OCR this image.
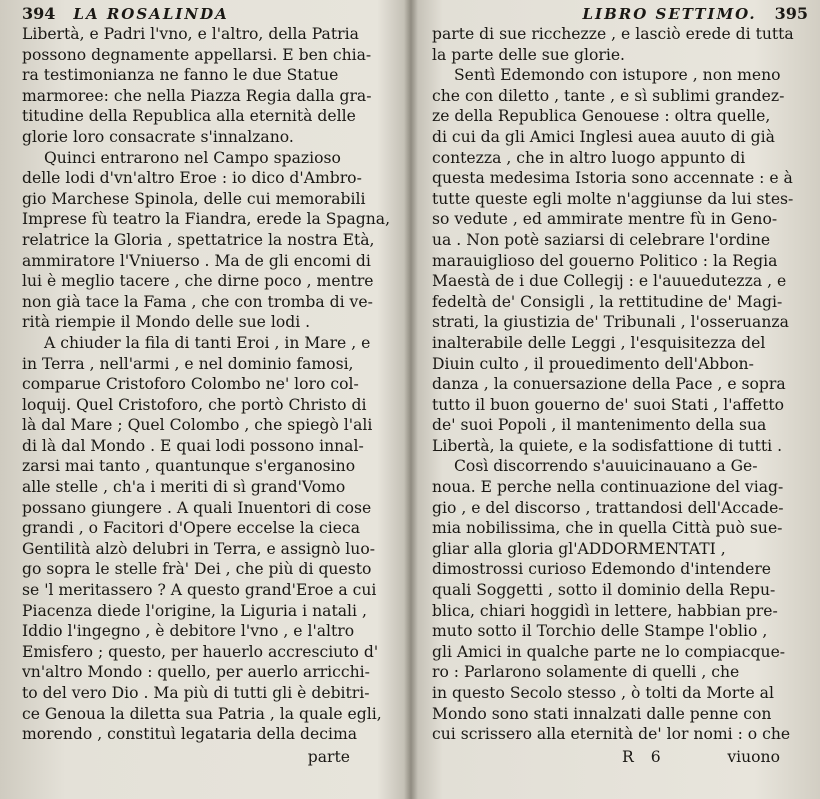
394 LA ROSALINDA
Libertà, e Padri l'vno, e l'altro, della Patria
possono degnamente appellarsi. E ben chia-
ra testimonianza ne fanno le due Statue
marmoree: che nella Piazza Regia dalla gra-
titudine della Republica alla eternità delle
glorie loro consacrate s'innalzano.
Quinci entrarono nel Campo spazioso
delle lodi d'vn'altro Eroe : io dico d'Ambro-
gio Marchese Spinola, delle cui memorabili
Imprese fù teatro la Fiandra, erede la Spagna,
relatrice la Gloria , spettatrice la nostra Età,
ammiratore l'Vniuerso . Ma de gli encomi di
lui è meglio tacere , che dirne poco , mentre
non già tace la Fama , che con tromba di ve-
rità riempie il Mondo delle sue lodi .
A chiuder la fila di tanti Eroi , in Mare , e
in Terra , nell'armi , e nel dominio famosi,
comparue Cristoforo Colombo ne' loro col-
loquij. Quel Cristoforo, che portò Christo di
là dal Mare ; Quel Colombo , che spiegò l'ali
di là dal Mondo . E quai lodi possono innal-
zarsi mai tanto , quantunque s'erganosino
alle stelle , ch'a i meriti di sì grand'Vomo
possano giungere . A quali Inuentori di cose
grandi , o Facitori d'Opere eccelse la cieca
Gentilità alzò delubri in Terra, e assignò luo-
go sopra le stelle frà' Dei , che più di questo
se 'l meritassero ? A questo grand'Eroe a cui
Piacenza diede l'origine, la Liguria i natali ,
Iddio l'ingegno , è debitore l'vno , e l'altro
Emisfero ; questo, per hauerlo accresciuto d'
vn'altro Mondo : quello, per auerlo arricchi-
to del vero Dio . Ma più di tutti gli è debitri-
ce Genoua la diletta sua Patria , la quale egli,
morendo , constituì legataria della decima
parte
LIBRO SETTIMO. 395
parte di sue ricchezze , e lasciò erede di tutta
la parte delle sue glorie.
Sentì Edemondo con istupore , non meno
che con diletto , tante , e sì sublimi grandez-
ze della Republica Genouese : oltra quelle,
di cui da gli Amici Inglesi auea auuto di già
contezza , che in altro luogo appunto di
questa medesima Istoria sono accennate : e à
tutte queste egli molte n'aggiunse da lui stes-
so vedute , ed ammirate mentre fù in Geno-
ua . Non potè saziarsi di celebrare l'ordine
marauiglioso del gouerno Politico : la Regia
Maestà de i due Collegij : e l'auuedutezza , e
fedeltà de' Consigli , la rettitudine de' Magi-
strati, la giustizia de' Tribunali , l'osseruanza
inalterabile delle Leggi , l'esquisitezza del
Diuin culto , il prouedimento dell'Abbon-
danza , la conuersazione della Pace , e sopra
tutto il buon gouerno de' suoi Stati , l'affetto
de' suoi Popoli , il mantenimento della sua
Libertà, la quiete, e la sodisfattione di tutti .
Così discorrendo s'auuicinauano a Ge-
noua. E perche nella continuazione del viag-
gio , e del discorso , trattandosi dell'Accade-
mia nobilissima, che in quella Città può sue-
gliar alla gloria gl'ADDORMENTATI ,
dimostrossi curioso Edemondo d'intendere
quali Soggetti , sotto il dominio della Repu-
blica, chiari hoggidì in lettere, habbian pre-
muto sotto il Torchio delle Stampe l'oblio ,
gli Amici in qualche parte ne lo compiacque-
ro : Parlarono solamente di quelli , che
in questo Secolo stesso , ò tolti da Morte al
Mondo sono stati innalzati dalle penne con
cui scrissero alla eternità de' lor nomi : o che
R 6	viuono
